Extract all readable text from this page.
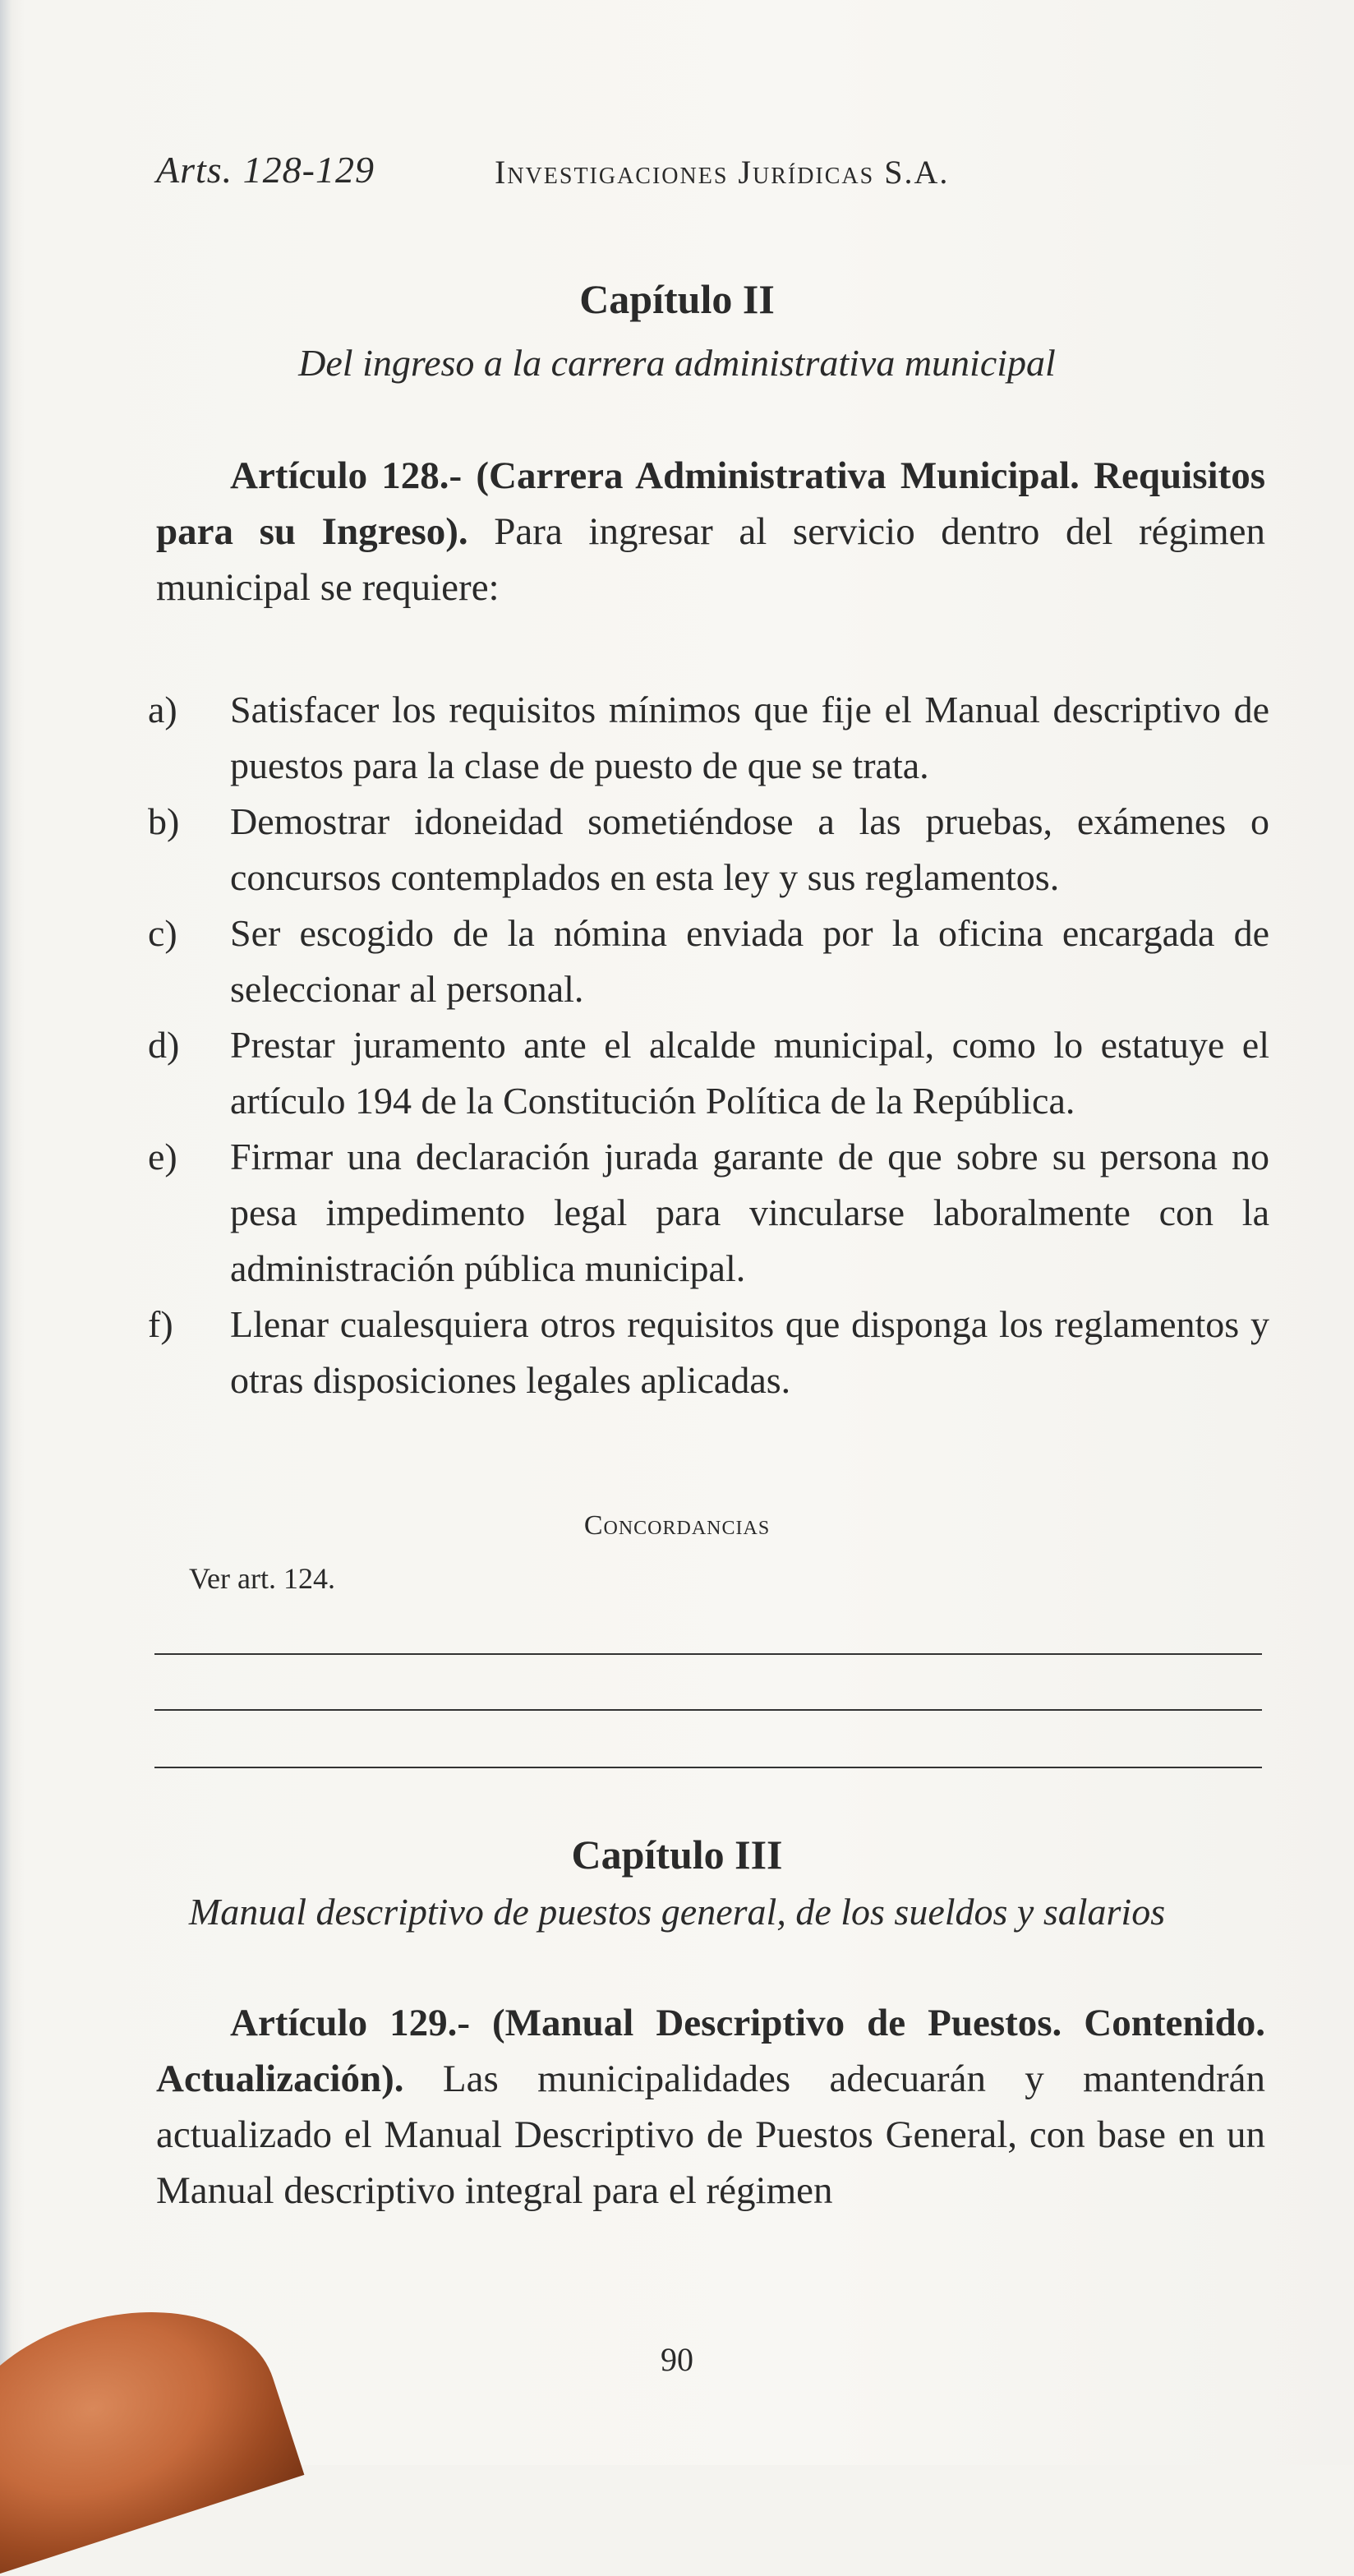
Arts. 128-129	Investigaciones Jurídicas S.A.
Capítulo II
Del ingreso a la carrera administrativa municipal
Artículo 128.- (Carrera Administrativa Municipal. Requisitos para su Ingreso). Para ingresar al servicio dentro del régimen municipal se requiere:
a) Satisfacer los requisitos mínimos que fije el Manual descriptivo de puestos para la clase de puesto de que se trata.
b) Demostrar idoneidad sometiéndose a las pruebas, exámenes o concursos contemplados en esta ley y sus reglamentos.
c) Ser escogido de la nómina enviada por la oficina encargada de seleccionar al personal.
d) Prestar juramento ante el alcalde municipal, como lo estatuye el artículo 194 de la Constitución Política de la República.
e) Firmar una declaración jurada garante de que sobre su persona no pesa impedimento legal para vincularse laboralmente con la administración pública municipal.
f) Llenar cualesquiera otros requisitos que disponga los reglamentos y otras disposiciones legales aplicadas.
Concordancias
Ver art. 124.
Capítulo III
Manual descriptivo de puestos general, de los sueldos y salarios
Artículo 129.- (Manual Descriptivo de Puestos. Contenido. Actualización). Las municipalidades adecuarán y mantendrán actualizado el Manual Descriptivo de Puestos General, con base en un Manual descriptivo integral para el régimen
90
